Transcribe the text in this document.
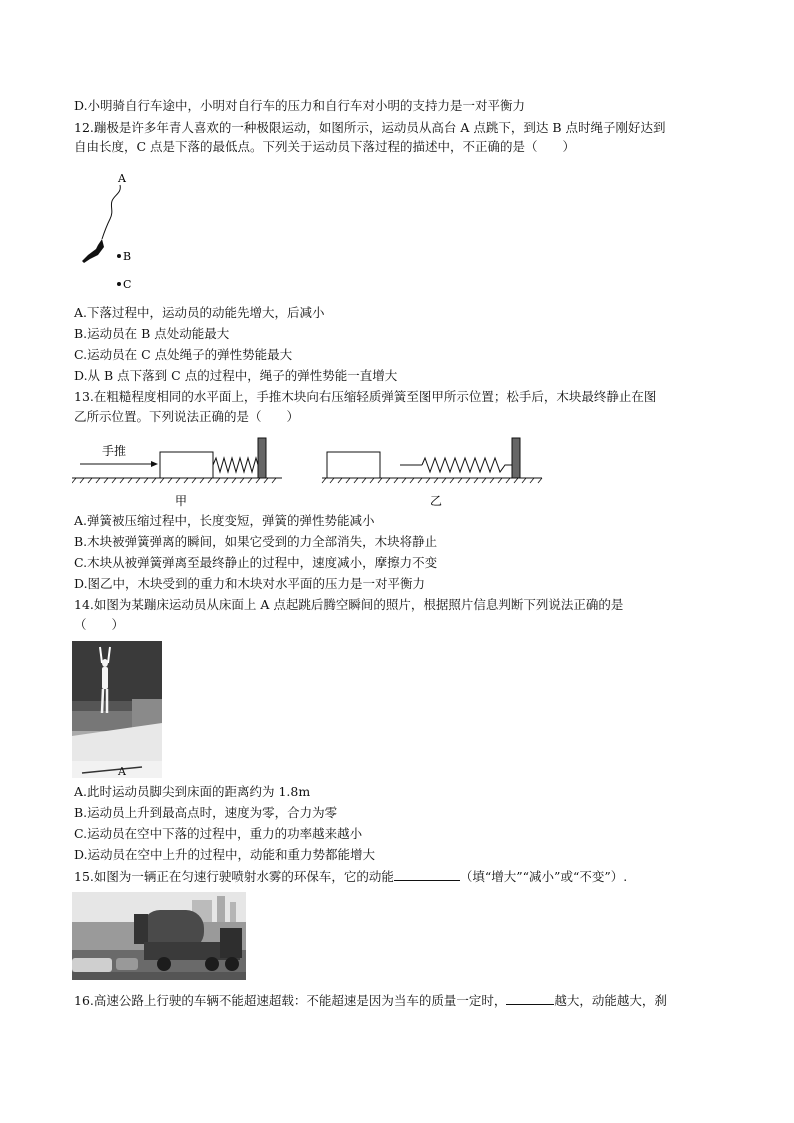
D.小明骑自行车途中，小明对自行车的压力和自行车对小明的支持力是一对平衡力
12.蹦极是许多年青人喜欢的一种极限运动，如图所示，运动员从高台 A 点跳下，到达 B 点时绳子刚好达到
自由长度，C 点是下落的最低点。下列关于运动员下落过程的描述中，不正确的是（　　）
A
B
C
A.下落过程中，运动员的动能先增大，后减小
B.运动员在 B 点处动能最大
C.运动员在 C 点处绳子的弹性势能最大
D.从 B 点下落到 C 点的过程中，绳子的弹性势能一直增大
13.在粗糙程度相同的水平面上，手推木块向右压缩轻质弹簧至图甲所示位置；松手后，木块最终静止在图
乙所示位置。下列说法正确的是（　　）
手推
甲	乙
A.弹簧被压缩过程中，长度变短，弹簧的弹性势能减小
B.木块被弹簧弹离的瞬间，如果它受到的力全部消失，木块将静止
C.木块从被弹簧弹离至最终静止的过程中，速度减小，摩擦力不变
D.图乙中，木块受到的重力和木块对水平面的压力是一对平衡力
14.如图为某蹦床运动员从床面上 A 点起跳后腾空瞬间的照片，根据照片信息判断下列说法正确的是
（　　）
A
A.此时运动员脚尖到床面的距离约为 1.8m
B.运动员上升到最高点时，速度为零，合力为零
C.运动员在空中下落的过程中，重力的功率越来越小
D.运动员在空中上升的过程中，动能和重力势都能增大
15.如图为一辆正在匀速行驶喷射水雾的环保车，它的动能	（填“增大”“减小”或“不变”）.
16.高速公路上行驶的车辆不能超速超载：不能超速是因为当车的质量一定时，	越大，动能越大，刹
